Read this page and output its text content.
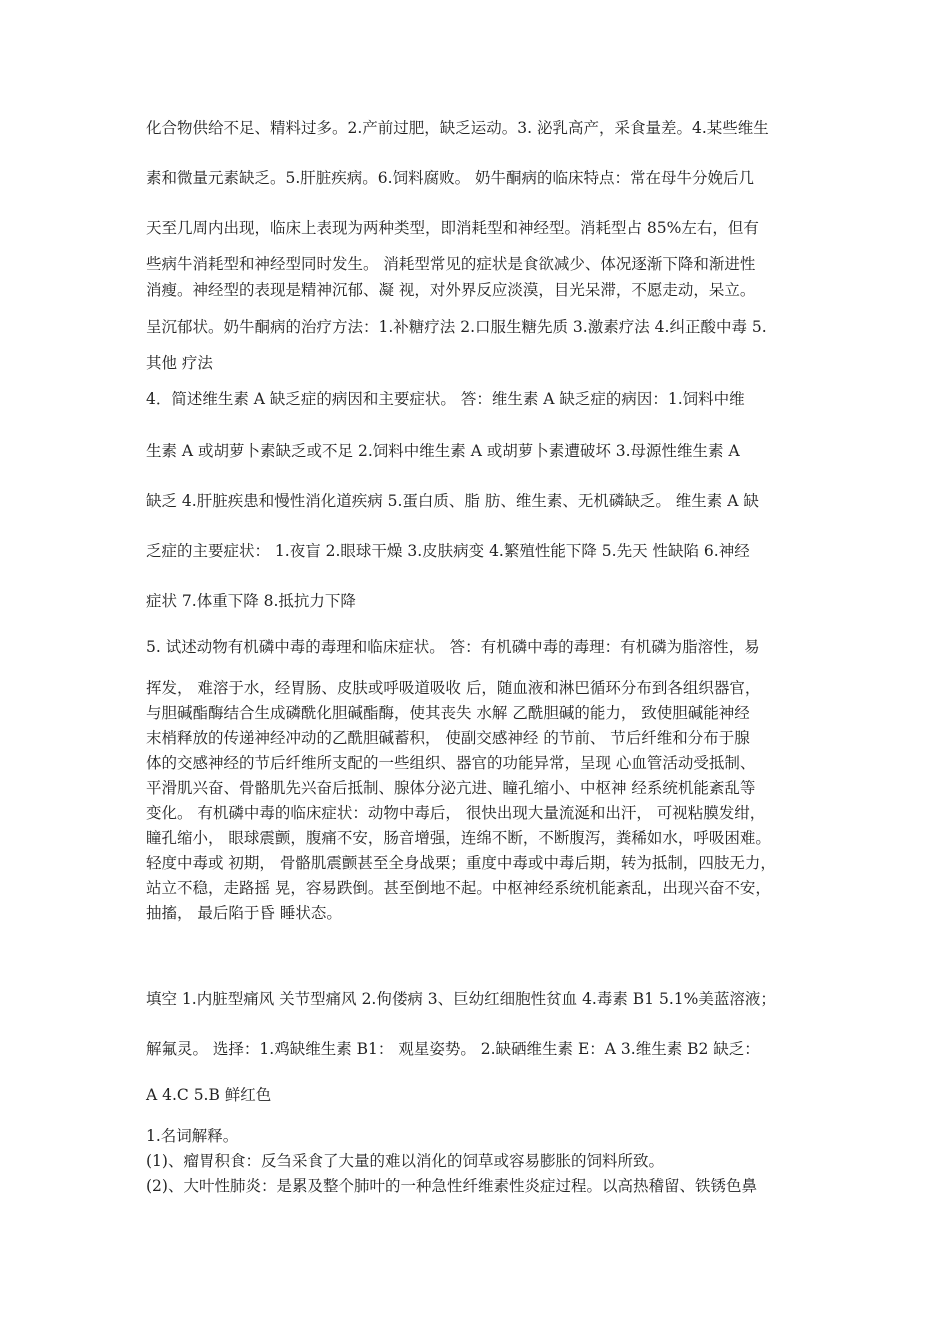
化合物供给不足、精料过多。2.产前过肥，缺乏运动。3. 泌乳高产，采食量差。4.某些维生
素和微量元素缺乏。5.肝脏疾病。6.饲料腐败。 奶牛酮病的临床特点：常在母牛分娩后几
天至几周内出现，临床上表现为两种类型，即消耗型和神经型。消耗型占 85%左右，但有
些病牛消耗型和神经型同时发生。 消耗型常见的症状是食欲减少、体况逐渐下降和渐进性
消瘦。神经型的表现是精神沉郁、凝 视，对外界反应淡漠，目光呆滞，不愿走动，呆立。
呈沉郁状。奶牛酮病的治疗方法：1.补糖疗法 2.口服生糖先质 3.激素疗法 4.纠正酸中毒 5.
其他 疗法
4．简述维生素 A 缺乏症的病因和主要症状。 答：维生素 A 缺乏症的病因：1.饲料中维
生素 A 或胡萝卜素缺乏或不足 2.饲料中维生素 A 或胡萝卜素遭破坏 3.母源性维生素 A
缺乏 4.肝脏疾患和慢性消化道疾病 5.蛋白质、脂 肪、维生素、无机磷缺乏。 维生素 A 缺
乏症的主要症状： 1.夜盲 2.眼球干燥 3.皮肤病变 4.繁殖性能下降 5.先天 性缺陷 6.神经
症状 7.体重下降 8.抵抗力下降
5. 试述动物有机磷中毒的毒理和临床症状。 答：有机磷中毒的毒理：有机磷为脂溶性，易
挥发， 难溶于水，经胃肠、皮肤或呼吸道吸收 后，随血液和淋巴循环分布到各组织器官，
与胆碱酯酶结合生成磷酰化胆碱酯酶，使其丧失 水解 乙酰胆碱的能力， 致使胆碱能神经
末梢释放的传递神经冲动的乙酰胆碱蓄积， 使副交感神经 的节前、 节后纤维和分布于腺
体的交感神经的节后纤维所支配的一些组织、器官的功能异常，呈现 心血管活动受抵制、
平滑肌兴奋、骨骼肌先兴奋后抵制、腺体分泌亢进、瞳孔缩小、中枢神 经系统机能紊乱等
变化。 有机磷中毒的临床症状：动物中毒后， 很快出现大量流涎和出汗， 可视粘膜发绀，
瞳孔缩小， 眼球震颤，腹痛不安，肠音增强，连绵不断，不断腹泻，粪稀如水，呼吸困难。
轻度中毒或 初期， 骨骼肌震颤甚至全身战栗；重度中毒或中毒后期，转为抵制，四肢无力，
站立不稳，走路摇 晃，容易跌倒。甚至倒地不起。中枢神经系统机能紊乱，出现兴奋不安，
抽搐， 最后陷于昏 睡状态。
填空 1.内脏型痛风 关节型痛风 2.佝偻病 3、巨幼红细胞性贫血 4.毒素 B1 5.1%美蓝溶液；
解氟灵。 选择：1.鸡缺维生素 B1： 观星姿势。 2.缺硒维生素 E：A 3.维生素 B2 缺乏：
A 4.C 5.B 鲜红色
1.名词解释。
(1)、瘤胃积食：反刍采食了大量的难以消化的饲草或容易膨胀的饲料所致。
(2)、大叶性肺炎：是累及整个肺叶的一种急性纤维素性炎症过程。以高热稽留、铁锈色鼻
